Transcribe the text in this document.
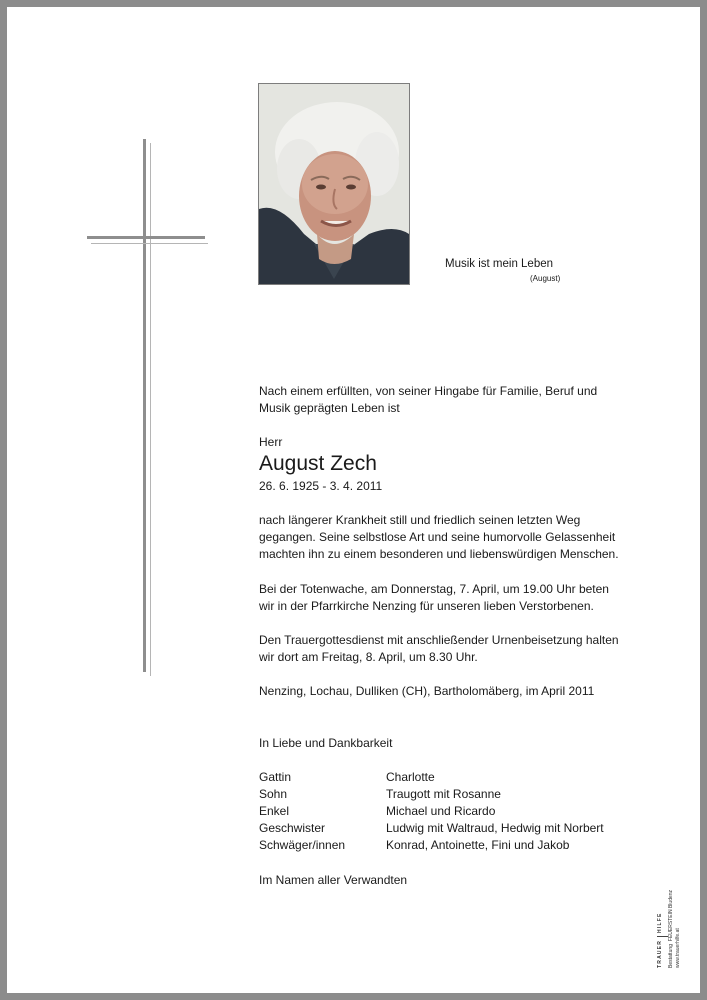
Musik ist mein Leben
(August)

Nach einem erfüllten, von seiner Hingabe für Familie, Beruf und

Musik geprägten Leben ist

Herr
August Zech
26. 6. 1925 - 3. 4. 2011

nach längerer Krankheit still und friedlich seinen letzten Weg

gegangen. Seine selbstlose Art und seine humorvolle Gelassenheit

machten ihn zu einem besonderen und liebenswürdigen Menschen.

Bei der Totenwache, am Donnerstag, 7. April, um 19.00 Uhr beten

wir in der Pfarrkirche Nenzing für unseren lieben Verstorbenen.

Den Trauergottesdienst mit anschließender Urnenbeisetzung halten

wir dort am Freitag, 8. April, um 8.30 Uhr.

Nenzing, Lochau, Dulliken (CH), Bartholomäberg, im April 2011

In Liebe und Dankbarkeit
Gattin	Charlotte
Sohn	Traugott mit Rosanne
Enkel	Michael und Ricardo
Geschwister	Ludwig mit Waltraud, Hedwig mit Norbert
Schwäger/innen	Konrad, Antoinette, Fini und Jakob
Im Namen aller Verwandten
TRAUER
HILFE
Bestattung
FEUERSTEIN Bludenz
www.trauerhilfe.at
